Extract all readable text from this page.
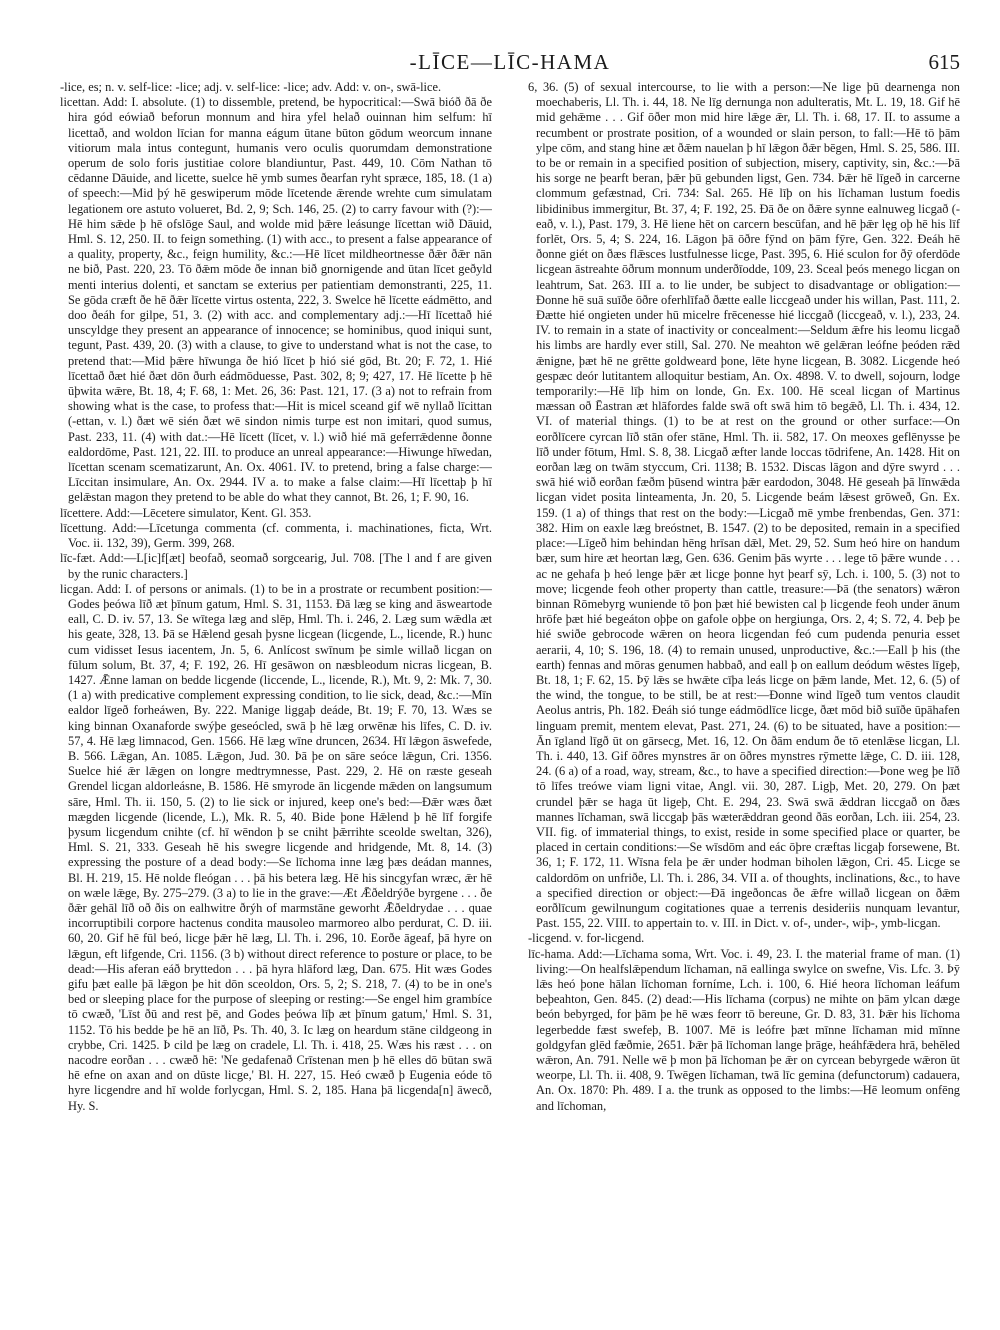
-LĪCE—LĪC-HAMA	615

-lice, es; n. v. self-lice: -lice; adj. v. self-lice: -lice; adv. Add: v. on-, swā-lice.

licettan. Add: I. absolute. (1) to dissemble, pretend, be hypocritical:—Swā bióð ðā ðe hira gód eówiað beforun monnum and hira yfel helað ouinnan him selfum: hī licettað, and woldon līcian for manna eágum ūtane būton gōdum weorcum innane vitiorum mala intus contegunt, humanis vero oculis quorumdam demonstratione operum de solo foris justitiae colore blandiuntur, Past. 449, 10. Cōm Nathan tō cēdanne Dāuide, and licette, suelce hē ymb sumes ðearfan ryht spræce, 185, 18. (1 a) of speech:—Mid þý hē geswiperum mōde līcetende ǣrende wrehte cum simulatam legationem ore astuto volueret, Bd. 2, 9; Sch. 146, 25. (2) to carry favour with (?):—Hē him sǣde þ hē ofslōge Saul, and wolde mid þǣre leásunge līcettan wið Dāuid, Hml. S. 12, 250. II. to feign something. (1) with acc., to present a false appearance of a quality, property, &c., feign humility, &c.:—Hē līcet mildheortnesse ðǣr ðǣr nān ne bið, Past. 220, 23. Tō ðǣm mōde ðe innan bið gnornigende and ūtan līcet geðyld menti interius dolenti, et sanctam se exterius per patientiam demonstranti, 225, 11. Se gōda cræft ðe hē ðǣr līcette virtus ostenta, 222, 3. Swelce hē līcette eádmētto, and doo ðeáh for gilpe, 51, 3. (2) with acc. and complementary adj.:—Hī līcettað hié unscyldge they present an appearance of innocence; se hominibus, quod iniqui sunt, tegunt, Past. 439, 20. (3) with a clause, to give to understand what is not the case, to pretend that:—Mid þǣre hīwunga ðe hió līcet þ hió sié gōd, Bt. 20; F. 72, 1. Hié līcettað ðæt hié ðæt dōn ðurh eádmōduesse, Past. 302, 8; 9; 427, 17. Hē līcette þ hē ūþwita wǣre, Bt. 18, 4; F. 68, 1: Met. 26, 36: Past. 121, 17. (3 a) not to refrain from showing what is the case, to profess that:—Hit is micel sceand gif wē nyllað līcittan (-ettan, v. l.) ðæt wē sién ðæt wē sindon nimis turpe est non imitari, quod sumus, Past. 233, 11. (4) with dat.:—Hē līcett (līcet, v. l.) wið hié mā geferrǣdenne ðonne ealdordōme, Past. 121, 22. III. to produce an unreal appearance:—Hiwunge hīwedan, līcettan scenam scematizarunt, An. Ox. 4061. IV. to pretend, bring a false charge:—Līccitan insimulare, An. Ox. 2944. IV a. to make a false claim:—Hī līcettaþ þ hī gelǣstan magon they pretend to be able do what they cannot, Bt. 26, 1; F. 90, 16.

līcettere. Add:—Lēcetere simulator, Kent. Gl. 353.

līcettung. Add:—Līcetunga commenta (cf. commenta, i. machinationes, ficta, Wrt. Voc. ii. 132, 39), Germ. 399, 268.

līc-fæt. Add:—L[ic]f[æt] beofað, seomað sorgcearig, Jul. 708. [The l and f are given by the runic characters.]

licgan. Add: I. of persons or animals. (1) to be in a prostrate or recumbent position:—Godes þeówa līð æt þīnum gatum, Hml. S. 31, 1153. Ðā læg se king and āsweartode eall, C. D. iv. 57, 13. Se wītega læg and slēp, Hml. Th. i. 246, 2. Læg sum wǣdla æt his geate, 328, 13. Þā se Hǣlend gesah þysne licgean (licgende, L., licende, R.) hunc cum vidisset Iesus iacentem, Jn. 5, 6. Anlícost swīnum þe simle willað licgan on fūlum solum, Bt. 37, 4; F. 192, 26. Hī gesāwon on næsbleodum nicras licgean, B. 1427. Ǣnne laman on bedde licgende (liccende, L., licende, R.), Mt. 9, 2: Mk. 7, 30. (1 a) with predicative complement expressing condition, to lie sick, dead, &c.:—Mīn ealdor līgeð forheáwen, By. 222. Manige liggaþ deáde, Bt. 19; F. 70, 13. Wæs se king binnan Oxanaforde swýþe geseócled, swā þ hē læg orwēnæ his līfes, C. D. iv. 57, 4. Hē læg limnacod, Gen. 1566. Hē læg wīne druncen, 2634. Hī lǣgon āswefede, B. 566. Lǣgan, An. 1085. Lǣgon, Jud. 30. Þā þe on sāre seóce lǣgun, Cri. 1356. Suelce hié ǣr lǣgen on longre medtrymnesse, Past. 229, 2. Hē on ræste geseah Grendel licgan aldorleásne, B. 1586. Hē smyrode ān licgende mǣden on langsumum sāre, Hml. Th. ii. 150, 5. (2) to lie sick or injured, keep one's bed:—Ðǣr wæs ðæt mægden licgende (licende, L.), Mk. R. 5, 40. Bide þone Hǣlend þ hē līf forgife þysum licgendum cnihte (cf. hī wēndon þ se cniht þǣrrihte sceolde sweltan, 326), Hml. S. 21, 333. Geseah hē his swegre licgende and hridgende, Mt. 8, 14. (3) expressing the posture of a dead body:—Se līchoma inne læg þæs deádan mannes, Bl. H. 219, 15. Hē nolde fleógan . . . þā his betera læg. Hē his sincgyfan wræc, ǣr hē on wæle lǣge, By. 275–279. (3 a) to lie in the grave:—Æt Ǣðeldrýðe byrgene . . . ðe ðǣr gehāl līð oð ðis on ealhwitre ðrýh of marmstāne geworht Ǣðeldrydae . . . quae incorruptibili corpore hactenus condita mausoleo marmoreo albo perdurat, C. D. iii. 60, 20. Gif hē fūl beó, licge þǣr hē læg, Ll. Th. i. 296, 10. Eorðe āgeaf, þā hyre on lǣgun, eft lifgende, Cri. 1156. (3 b) without direct reference to posture or place, to be dead:—His aferan eáð bryttedon . . . þā hyra hlāford læg, Dan. 675. Hit wæs Godes gifu þæt ealle þā lǣgon þe hit dōn sceoldon, Ors. 5, 2; S. 218, 7. (4) to be in one's bed or sleeping place for the purpose of sleeping or resting:—Se engel him grambíce tō cwæð, 'Līst ðū and rest þē, and Godes þeówa līþ æt þīnum gatum,' Hml. S. 31, 1152. Tō his bedde þe hē an līð, Ps. Th. 40, 3. Ic læg on heardum stāne cildgeong in crybbe, Cri. 1425. Þ cild þe læg on cradele, Ll. Th. i. 418, 25. Wæs his ræst . . . on nacodre eorðan . . . cwæð hē: 'Ne gedafenað Crīstenan men þ hē elles dō būtan swā hē efne on axan and on dūste licge,' Bl. H. 227, 15. Heó cwæð þ Eugenia eóde tō hyre licgendre and hī wolde forlycgan, Hml. S. 2, 185. Hana þā licgenda[n] āwecð, Hy. S.

6, 36. (5) of sexual intercourse, to lie with a person:—Ne lige þū dearnenga non moechaberis, Ll. Th. i. 44, 18. Ne līg dernunga non adulteratis, Mt. L. 19, 18. Gif hē mid gehǣme . . . Gif ōðer mon mid hire lǣge ǣr, Ll. Th. i. 68, 17. II. to assume a recumbent or prostrate position, of a wounded or slain person, to fall:—Hē tō þām ylpe cōm, and stang hine æt ðǣm nauelan þ hī lǣgon ðǣr bēgen, Hml. S. 25, 586. III. to be or remain in a specified position of subjection, misery, captivity, sin, &c.:—Þā his sorge ne þearft beran, þǣr þū gebunden ligst, Gen. 734. Þǣr hē līgeð in carcerne clommum gefæstnad, Cri. 734: Sal. 265. Hē līþ on his līchaman lustum foedis libidinibus immergitur, Bt. 37, 4; F. 192, 25. Ðā ðe on ðǣre synne ealnuweg licgað (-eað, v. l.), Past. 179, 3. Hē liene hēt on carcern bescūfan, and hē þǣr lęg oþ hē his līf forlēt, Ors. 5, 4; S. 224, 16. Lāgon þā ōðre fȳnd on þām fȳre, Gen. 322. Ðeáh hē ðonne giét on ðæs flǣsces lustfulnesse licge, Past. 395, 6. Hié sculon for ðȳ oferdōde licgean āstreahte ōðrum monnum underðīodde, 109, 23. Sceal þeós menego licgan on leahtrum, Sat. 263. III a. to lie under, be subject to disadvantage or obligation:—Ðonne hē suā suīðe ōðre oferhlīfað ðætte ealle liccgeað under his willan, Past. 111, 2. Ðætte hié ongieten under hū micelre frēcenesse hié liccgað (liccgeað, v. l.), 233, 24. IV. to remain in a state of inactivity or concealment:—Seldum ǣfre his leomu licgað his limbs are hardly ever still, Sal. 270. Ne meahton wē gelǣran leófne þeóden rǣd ǣnigne, þæt hē ne grētte goldweard þone, lēte hyne licgean, B. 3082. Licgende heó gespæc deór lutitantem alloquitur bestiam, An. Ox. 4898. V. to dwell, sojourn, lodge temporarily:—Hē līþ him on londe, Gn. Ex. 100. Hē sceal licgan of Martinus mæssan oð Ēastran æt hlāfordes falde swā oft swā him tō begǣð, Ll. Th. i. 434, 12. VI. of material things. (1) to be at rest on the ground or other surface:—On eorðlīcere cyrcan līð stān ofer stāne, Hml. Th. ii. 582, 17. On meoxes geflēnysse þe līð under fōtum, Hml. S. 8, 38. Licgað æfter lande loccas tōdrifene, An. 1428. Hit on eorðan læg on twām styccum, Cri. 1138; B. 1532. Discas lāgon and dȳre swyrd . . . swā hié wið eorðan fæðm þūsend wintra þǣr eardodon, 3048. Hē geseah þā līnwǣda licgan videt posita linteamenta, Jn. 20, 5. Licgende beám lǣsest grōweð, Gn. Ex. 159. (1 a) of things that rest on the body:—Licgað mē ymbe frenbendas, Gen. 371: 382. Him on eaxle læg breóstnet, B. 1547. (2) to be deposited, remain in a specified place:—Līgeð him behindan hēng hrīsan dǣl, Met. 29, 52. Sum heó hire on handum bær, sum hire æt heortan læg, Gen. 636. Genim þās wyrte . . . lege tō þǣre wunde . . . ac ne gehafa þ heó lenge þǣr æt licge þonne hyt þearf sȳ, Lch. i. 100, 5. (3) not to move; licgende feoh other property than cattle, treasure:—Þā (the senators) wǣron binnan Rōmebyrg wuniende tō þon þæt hié bewisten cal þ licgende feoh under ānum hrōfe þæt hié begeáton oþþe on gafole oþþe on hergiunga, Ors. 2, 4; S. 72, 4. Þeþ þe hié swiðe gebrocode wǣren on heora licgendan feó cum pudenda penuria esset aerarii, 4, 10; S. 196, 18. (4) to remain unused, unproductive, &c.:—Eall þ his (the earth) fennas and mōras genumen habbað, and eall þ on eallum deódum wēstes līgeþ, Bt. 18, 1; F. 62, 15. Þȳ lǣs se hwǣte cīþa leás licge on þǣm lande, Met. 12, 6. (5) of the wind, the tongue, to be still, be at rest:—Ðonne wind līgeð tum ventos claudit Aeolus antris, Ph. 182. Ðeáh sió tunge eádmōdlīce licge, ðæt mōd bið suīðe ūpāhafen linguam premit, mentem elevat, Past. 271, 24. (6) to be situated, have a position:—Ān īgland līgð ūt on gārsecg, Met. 16, 12. On ðām endum ðe tō etenlǣse licgan, Ll. Th. i. 440, 13. Gif ōðres mynstres ār on ōðres mynstres rȳmette lǣge, C. D. iii. 128, 24. (6 a) of a road, way, stream, &c., to have a specified direction:—Þone weg þe līð tō līfes treówe viam ligni vitae, Angl. vii. 30, 287. Ligþ, Met. 20, 279. On þæt crundel þǣr se haga ūt ligeþ, Cht. E. 294, 23. Swā swā ǣddran liccgað on ðæs mannes līchaman, swā liccgaþ þās wæterǣddran geond ðās eorðan, Lch. iii. 254, 23. VII. fig. of immaterial things, to exist, reside in some specified place or quarter, be placed in certain conditions:—Se wīsdōm and eác ōþre cræftas licgaþ forsewene, Bt. 36, 1; F. 172, 11. Wīsna fela þe ǣr under hodman biholen lǣgon, Cri. 45. Licge se caldordōm on unfriðe, Ll. Th. i. 286, 34. VII a. of thoughts, inclinations, &c., to have a specified direction or object:—Ðā ingeðoncas ðe ǣfre willað licgean on ðǣm eorðlīcum gewilnungum cogitationes quae a terrenis desideriis nunquam levantur, Past. 155, 22. VIII. to appertain to. v. III. in Dict. v. of-, under-, wiþ-, ymb-licgan.

-licgend. v. for-licgend.

līc-hama. Add:—Līchama soma, Wrt. Voc. i. 49, 23. I. the material frame of man. (1) living:—On healfslǣpendum līchaman, nā eallinga swylce on swefne, Vis. Lfc. 3. Þȳ lǣs heó þone hālan līchoman forníme, Lch. i. 100, 6. Hié heora līchoman leáfum beþeahton, Gen. 845. (2) dead:—His līchama (corpus) ne mihte on þām ylcan dæge beón bebyrged, for þām þe hē wæs feorr tō bereune, Gr. D. 83, 31. Þǣr his līchoma legerbedde fæst swefeþ, B. 1007. Mē is leófre þæt mīnne līchaman mid mīnne goldgyfan glēd fæðmie, 2651. Þǣr þā līchoman lange þrāge, heáhfǣdera hrā, behēled wǣron, An. 791. Nelle wē þ mon þā līchoman þe ǣr on cyrcean bebyrgede wǣron ūt weorpe, Ll. Th. ii. 408, 9. Twēgen līchaman, twā līc gemina (defunctorum) cadauera, An. Ox. 1870: Ph. 489. I a. the trunk as opposed to the limbs:—Hē leomum onfēng and līchoman,
